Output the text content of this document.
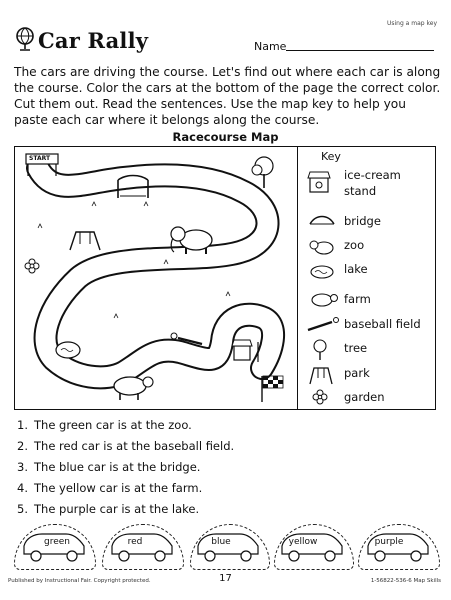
Car Rally
Using a map key
Name
The cars are driving the course. Let's find out where each car is along the course. Color the cars at the bottom of the page the correct color. Cut them out. Read the sentences. Use the map key to help you paste each car where it belongs along the course.
Racecourse Map
START	Key
ice-cream
stand
bridge
zoo
lake
farm
baseball field
tree
park
garden
1. The green car is at the zoo.
2. The red car is at the baseball field.
3. The blue car is at the bridge.
4. The yellow car is at the farm.
5. The purple car is at the lake.
green	red	blue	yellow	purple
Published by Instructional Fair. Copyright protected.	17	1-56822-536-6 Map Skills
